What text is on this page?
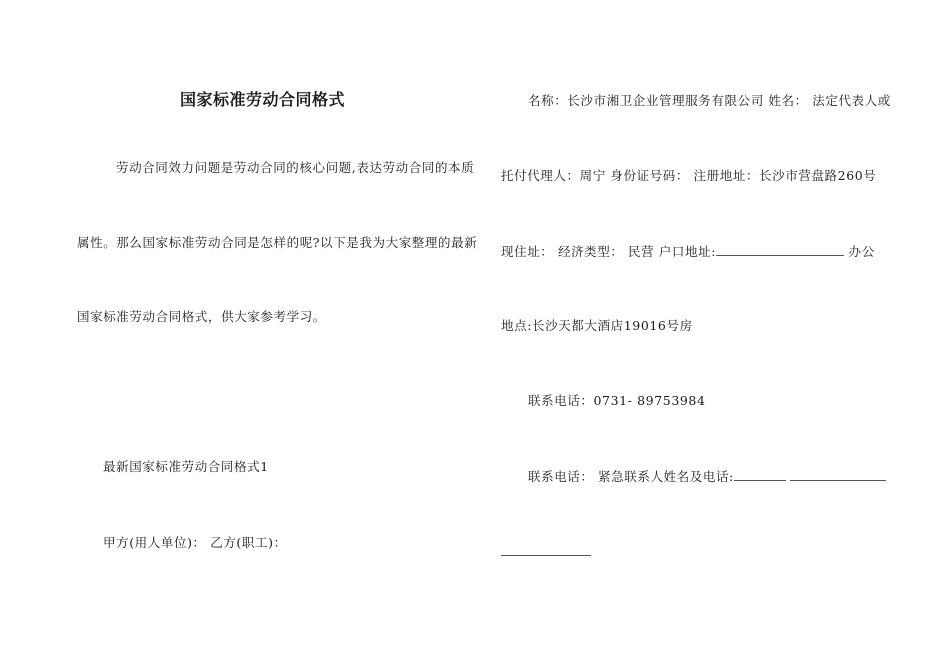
国家标准劳动合同格式
劳动合同效力问题是劳动合同的核心问题,表达劳动合同的本质
属性。那么国家标准劳动合同是怎样的呢?以下是我为大家整理的最新
国家标准劳动合同格式，供大家参考学习。
最新国家标准劳动合同格式1
甲方(用人单位)： 乙方(职工)：
名称：长沙市湘卫企业管理服务有限公司 姓名： 法定代表人或
托付代理人：周宁 身份证号码： 注册地址：长沙市营盘路260号
现住址： 经济类型： 民营 户口地址:	办公
地点:长沙天都大酒店19016号房
联系电话：0731- 89753984
联系电话： 紧急联系人姓名及电话:
